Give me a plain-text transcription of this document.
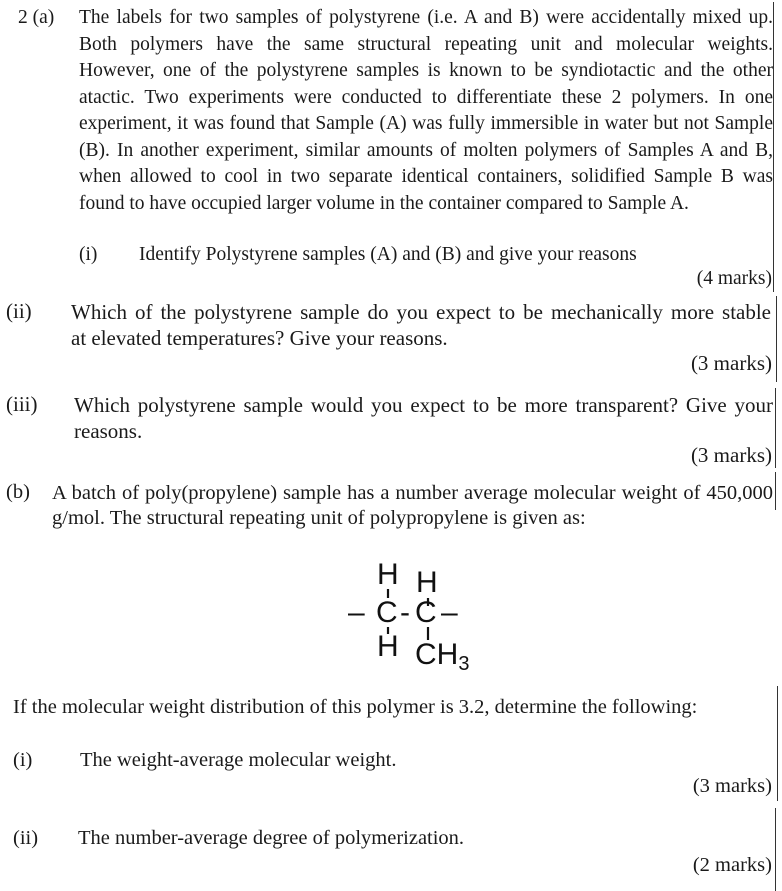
2 (a) The labels for two samples of polystyrene (i.e. A and B) were accidentally mixed up.
Both polymers have the same structural repeating unit and molecular weights.
However, one of the polystyrene samples is known to be syndiotactic and the other
atactic. Two experiments were conducted to differentiate these 2 polymers. In one
experiment, it was found that Sample (A) was fully immersible in water but not Sample
(B). In another experiment, similar amounts of molten polymers of Samples A and B,
when allowed to cool in two separate identical containers, solidified Sample B was
found to have occupied larger volume in the container compared to Sample A.
(i) Identify Polystyrene samples (A) and (B) and give your reasons
(4 marks)
(ii) Which of the polystyrene sample do you expect to be mechanically more stable
at elevated temperatures? Give your reasons.
(3 marks)
(iii) Which polystyrene sample would you expect to be more transparent? Give your
reasons.
(3 marks)
(b) A batch of poly(propylene) sample has a number average molecular weight of 450,000
g/mol. The structural repeating unit of polypropylene is given as:
H H
– C - C –
H $CH_3$
If the molecular weight distribution of this polymer is 3.2, determine the following:
(i) The weight-average molecular weight.
(3 marks)
(ii) The number-average degree of polymerization.
(2 marks)
